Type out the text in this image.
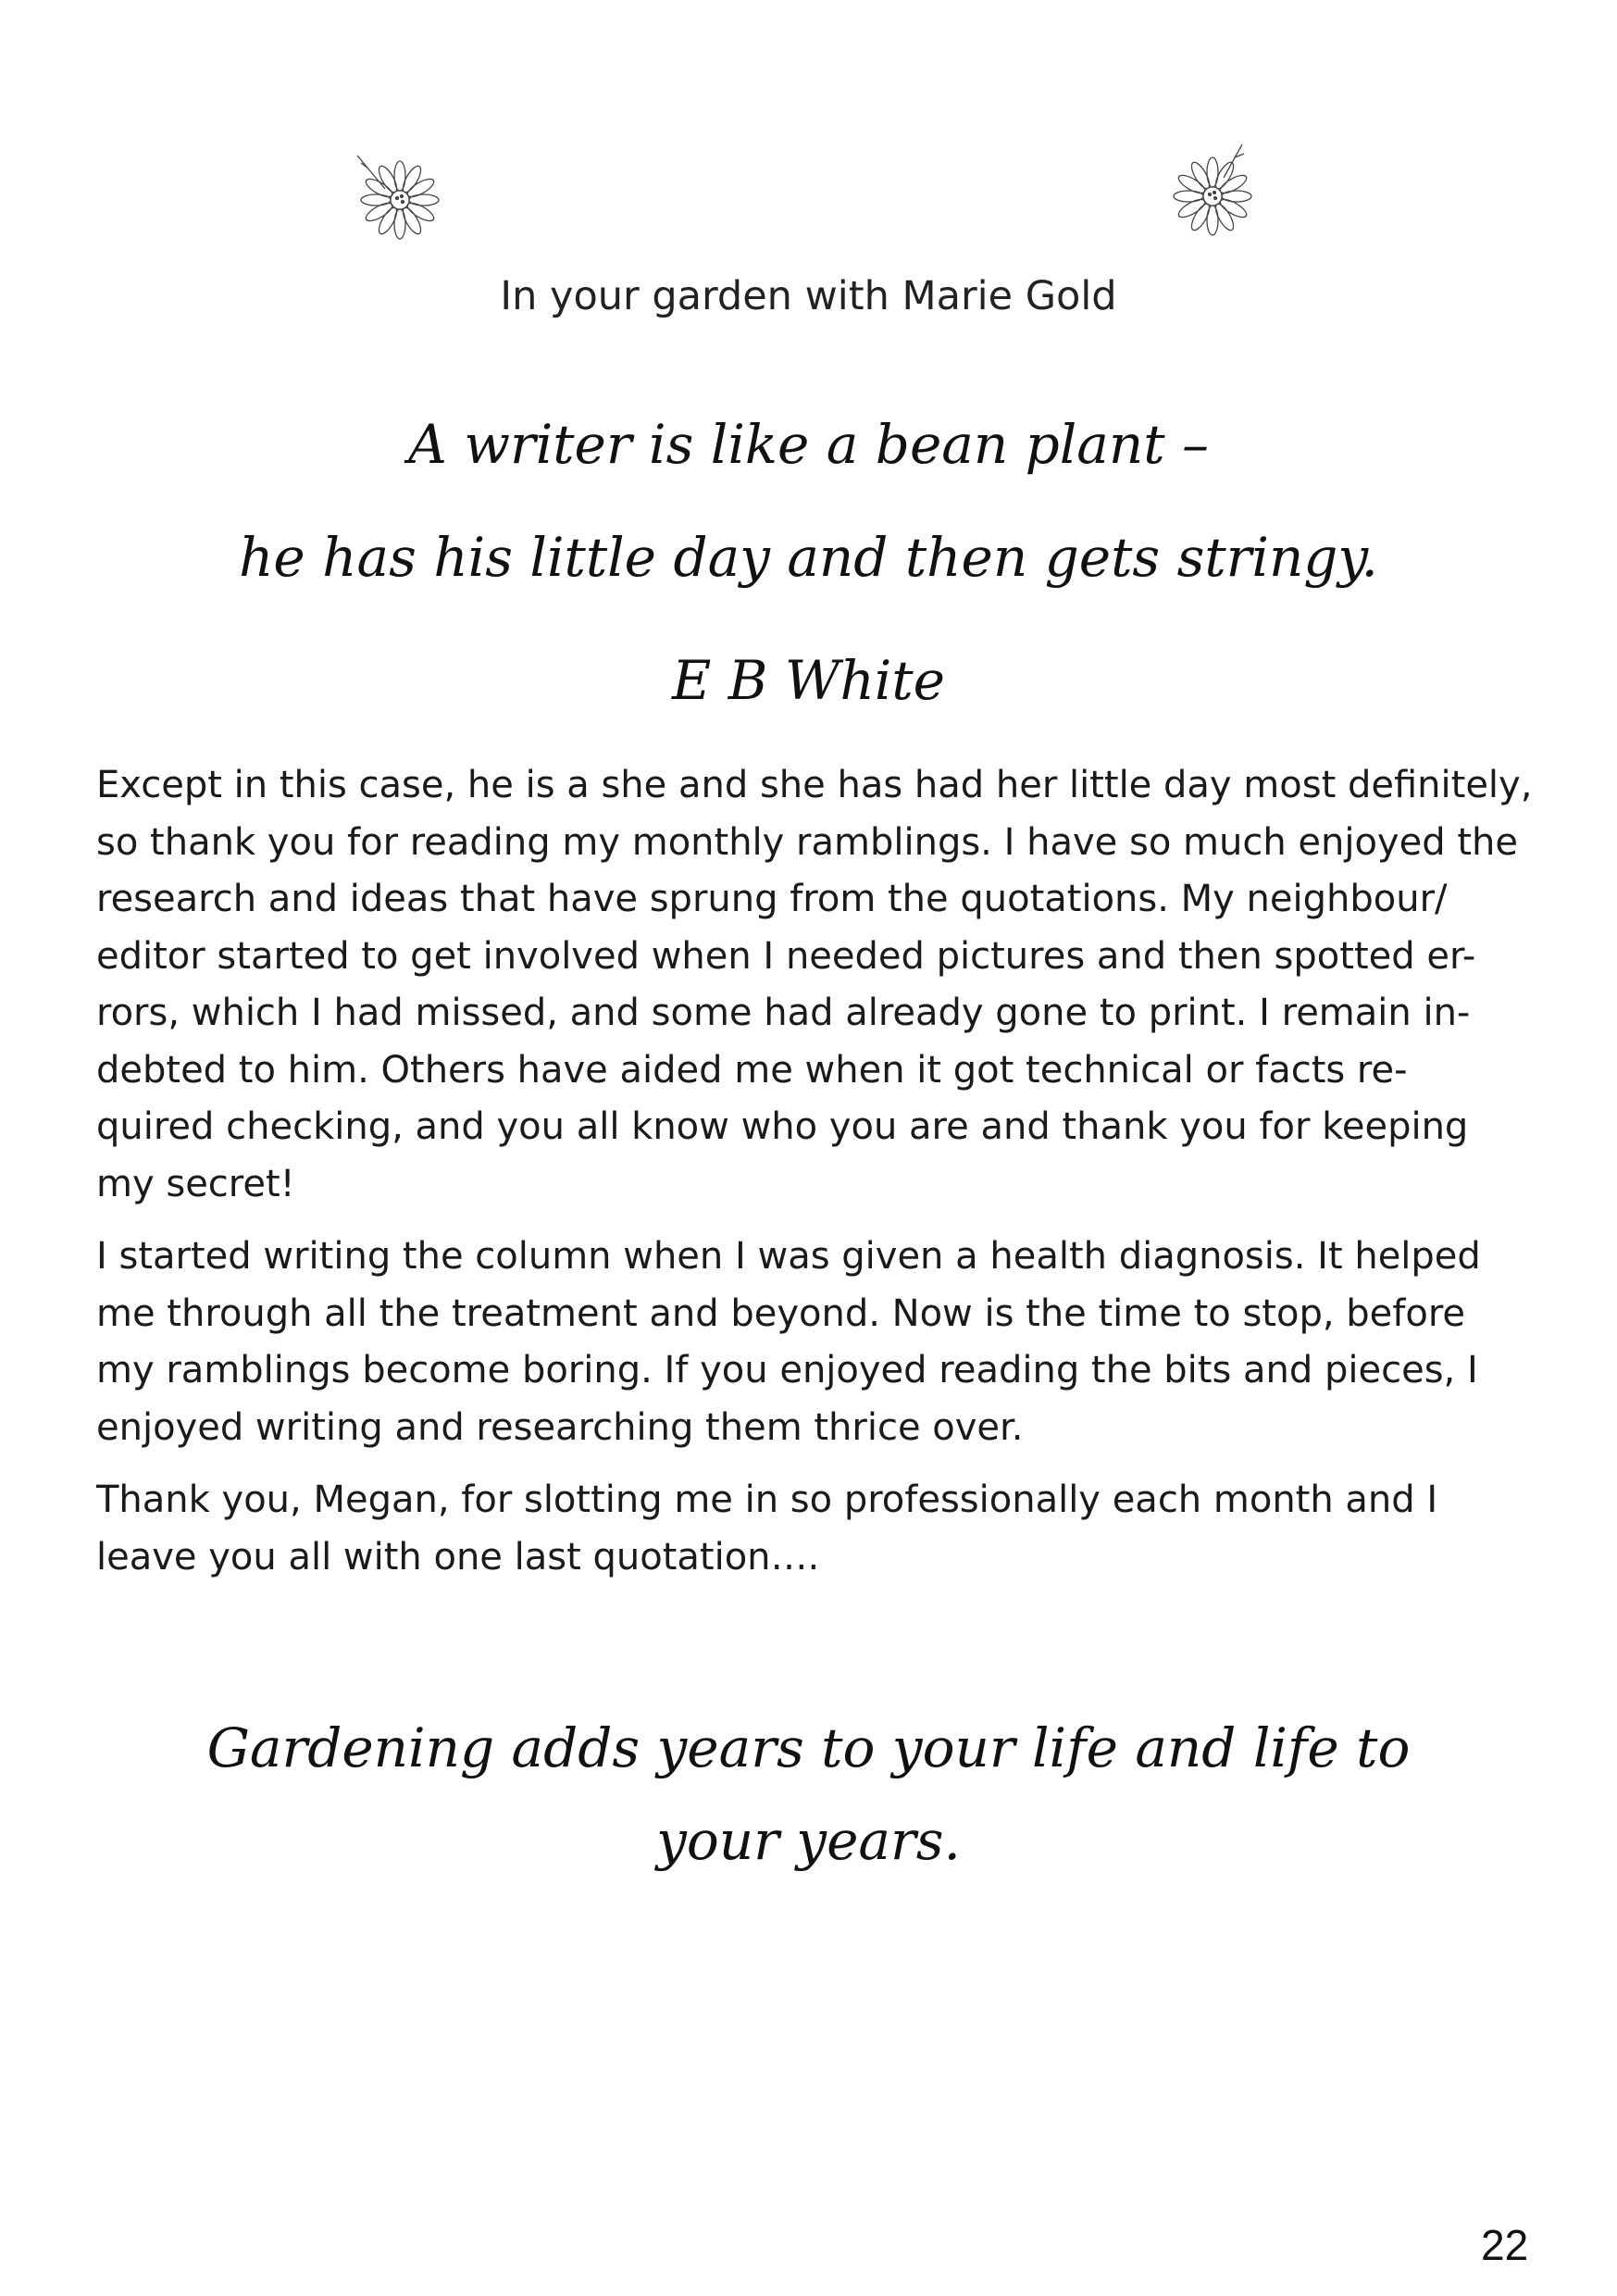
In your garden with Marie Gold
A writer is like a bean plant –
he has his little day and then gets stringy.
E B White

Except in this case, he is a she and she has had her little day most definitely,
so thank you for reading my monthly ramblings. I have so much enjoyed the
research and ideas that have sprung from the quotations. My neighbour/
editor started to get involved when I needed pictures and then spotted er-
rors, which I had missed, and some had already gone to print. I remain in-
debted to him. Others have aided me when it got technical or facts re-
quired checking, and you all know who you are and thank you for keeping
my secret!

I started writing the column when I was given a health diagnosis. It helped
me through all the treatment and beyond. Now is the time to stop, before
my ramblings become boring. If you enjoyed reading the bits and pieces, I
enjoyed writing and researching them thrice over.

Thank you, Megan, for slotting me in so professionally each month and I
leave you all with one last quotation….

Gardening adds years to your life and life to
your years.
22
